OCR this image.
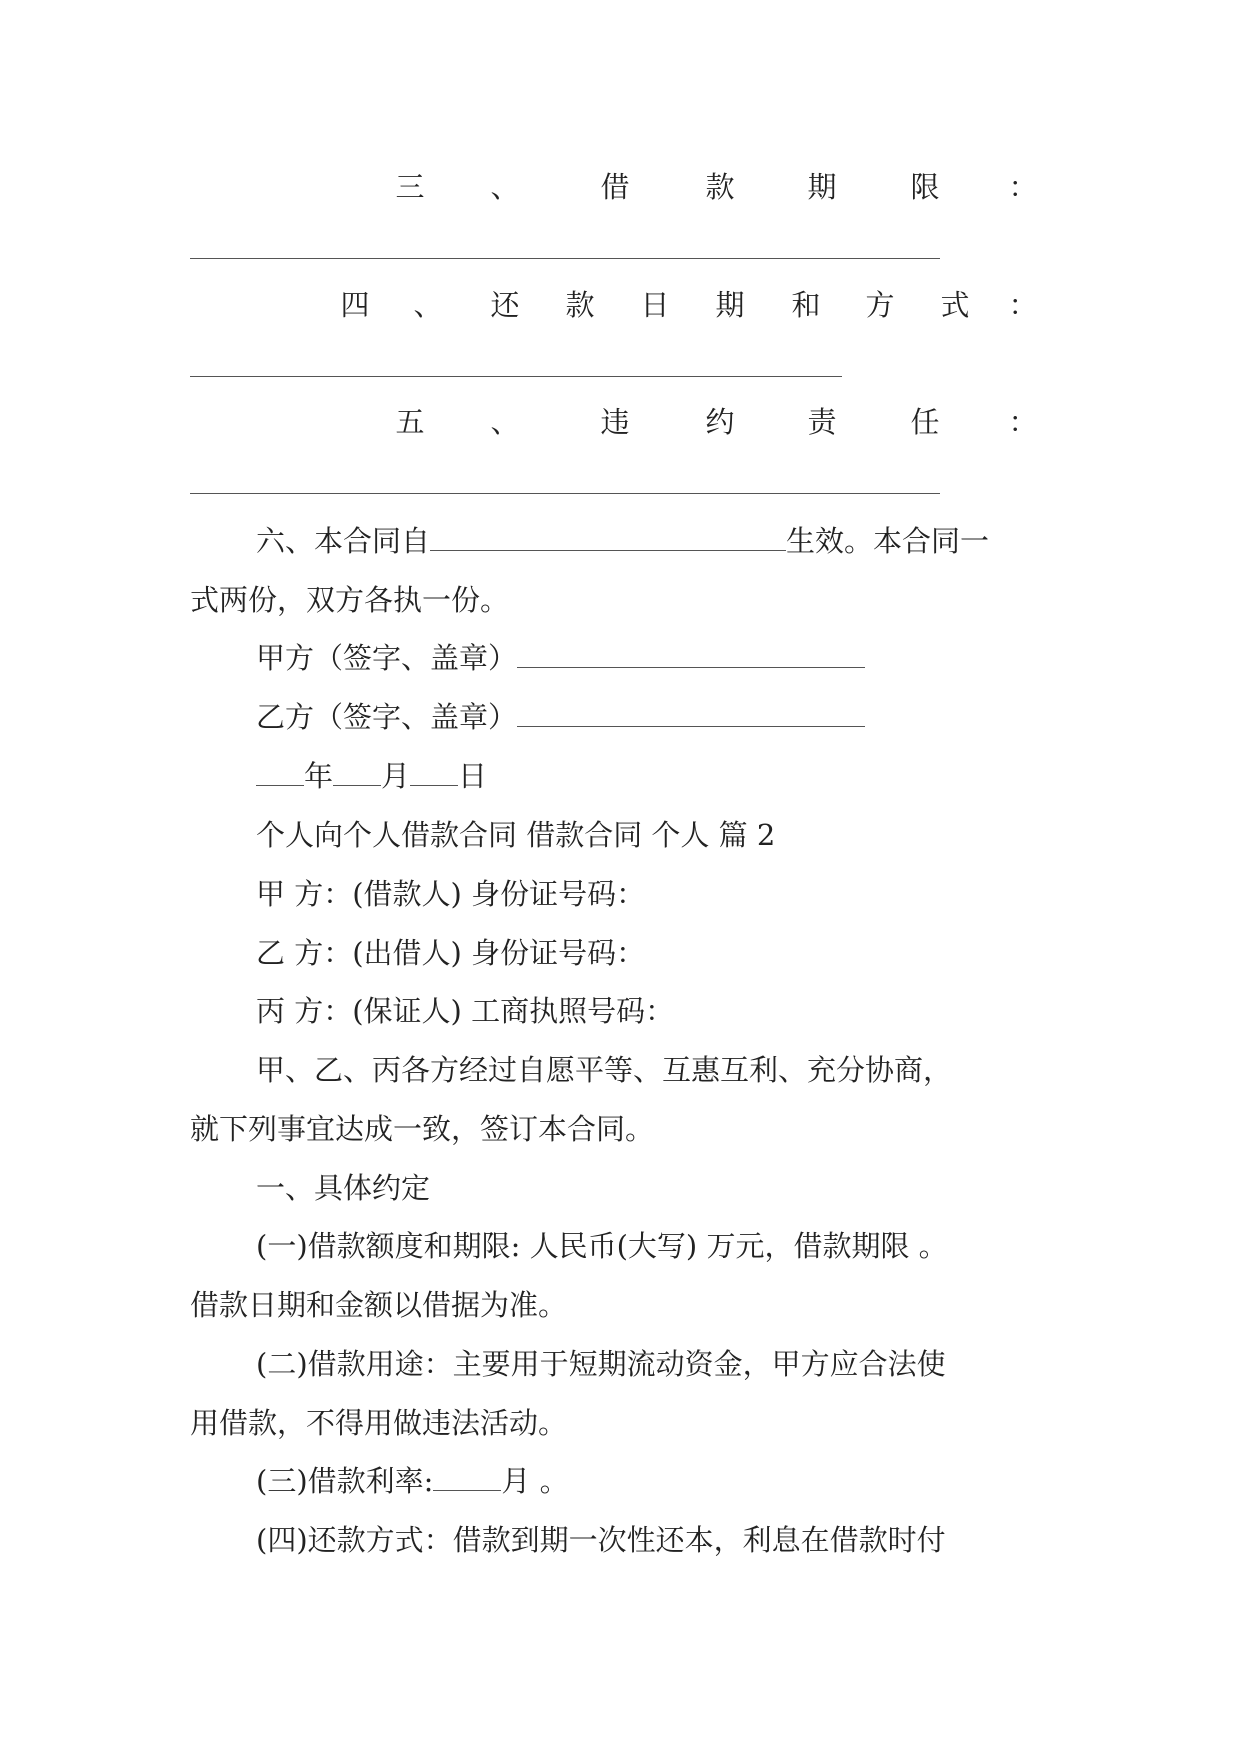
三 、	借	款	期	限 ：
四 、 还 款 日 期 和 方 式 ：
五 、	违	约	责	任 ：
六、本合同自	生效。本合同一
式两份，双方各执一份。
甲方（签字、盖章）
乙方（签字、盖章）
年 月 日
个人向个人借款合同 借款合同 个人 篇 2
甲 方：(借款人) 身份证号码：
乙 方：(出借人) 身份证号码：
丙 方：(保证人) 工商执照号码：
甲、乙、丙各方经过自愿平等、互惠互利、充分协商，
就下列事宜达成一致，签订本合同。
一、具体约定
(一)借款额度和期限: 人民币(大写) 万元，借款期限 。
借款日期和金额以借据为准。
(二)借款用途：主要用于短期流动资金，甲方应合法使
用借款，不得用做违法活动。
(三)借款利率: 月 。
(四)还款方式：借款到期一次性还本，利息在借款时付
